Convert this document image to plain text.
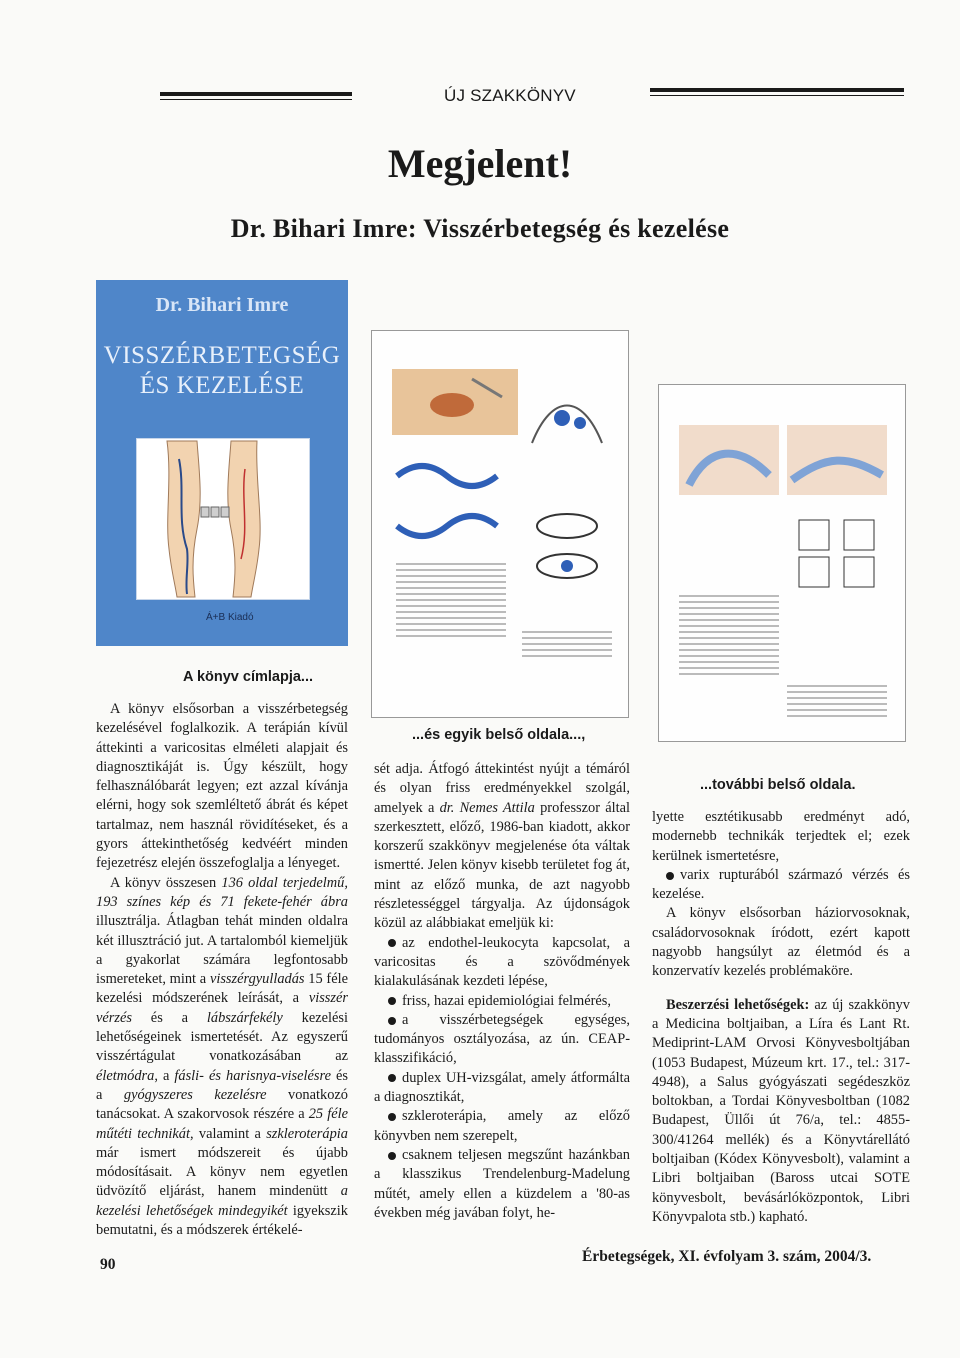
ÚJ SZAKKÖNYV
Megjelent!
Dr. Bihari Imre: Visszérbetegség és kezelése
Dr. Bihari Imre
VISSZÉRBETEGSÉG
ÉS KEZELÉSE
Á+B Kiadó
A könyv címlapja...
...és egyik belső oldala...,
...további belső oldala.

A könyv elsősorban a visszérbetegség kezelésével foglalkozik. A terápián kívül áttekinti a varicositas elméleti alapjait és diagnosztikáját is. Úgy készült, hogy felhasználóbarát legyen; ezt azzal kívánja elérni, hogy sok szemléltető ábrát és képet tartalmaz, nem használ rövidítéseket, és a gyors áttekinthetőség kedvéért minden fejezetrész elején összefoglalja a lényeget.

A könyv összesen 136 oldal terjedelmű, 193 színes kép és 71 fekete-fehér ábra illusztrálja. Átlagban tehát minden oldalra két illusztráció jut. A tartalomból kiemeljük a gyakorlat számára legfontosabb ismereteket, mint a visszérgyulladás 15 féle kezelési módszerének leírását, a visszér vérzés és a lábszárfekély kezelési lehetőségeinek ismertetését. Az egyszerű visszértágulat vonatkozásában az életmódra, a fásli- és harisnya-viselésre és a gyógyszeres kezelésre vonatkozó tanácsokat. A szakorvosok részére a 25 féle műtéti technikát, valamint a szkleroterápia már ismert módszereit és újabb módosításait. A könyv nem egyetlen üdvözítő eljárást, hanem mindenütt a kezelési lehetőségek mindegyikét igyekszik bemutatni, és a módszerek értékelé-

sét adja. Átfogó áttekintést nyújt a témáról és olyan friss eredményekkel szolgál, amelyek a dr. Nemes Attila professzor által szerkesztett, előző, 1986-ban kiadott, akkor korszerű szakkönyv megjelenése óta váltak ismertté. Jelen könyv kisebb területet fog át, mint az előző munka, de azt nagyobb részletességgel tárgyalja. Az újdonságok közül az alábbiakat emeljük ki:

az endothel-leukocyta kapcsolat, a varicositas és a szövődmények kialakulásának kezdeti lépése,

friss, hazai epidemiológiai felmérés,

a visszérbetegségek egységes, tudományos osztályozása, az ún. CEAP-klasszifikáció,

duplex UH-vizsgálat, amely átformálta a diagnosztikát,

szkleroterápia, amely az előző könyvben nem szerepelt,

csaknem teljesen megszűnt hazánkban a klasszikus Trendelenburg-Madelung műtét, amely ellen a küzdelem a '80-as években még javában folyt, he-

lyette esztétikusabb eredményt adó, modernebb technikák terjedtek el; ezek kerülnek ismertetésre,

varix rupturából származó vérzés és kezelése.

A könyv elsősorban háziorvosoknak, családorvosoknak íródott, ezért kapott nagyobb hangsúlyt az életmód és a konzervatív kezelés problémaköre.

Beszerzési lehetőségek: az új szakkönyv a Medicina boltjaiban, a Líra és Lant Rt. Mediprint-LAM Orvosi Könyvesboltjában (1053 Budapest, Múzeum krt. 17., tel.: 317-4948), a Salus gyógyászati segédeszköz boltokban, a Tordai Könyvesboltban (1082 Budapest, Üllői út 76/a, tel.: 4855-300/41264 mellék) és a Könyvtárellátó boltjaiban (Kódex Könyvesbolt), valamint a Libri boltjaiban (Baross utcai SOTE könyvesbolt, bevásárlóközpontok, Libri Könyvpalota stb.) kapható.

90	Érbetegségek, XI. évfolyam 3. szám, 2004/3.
